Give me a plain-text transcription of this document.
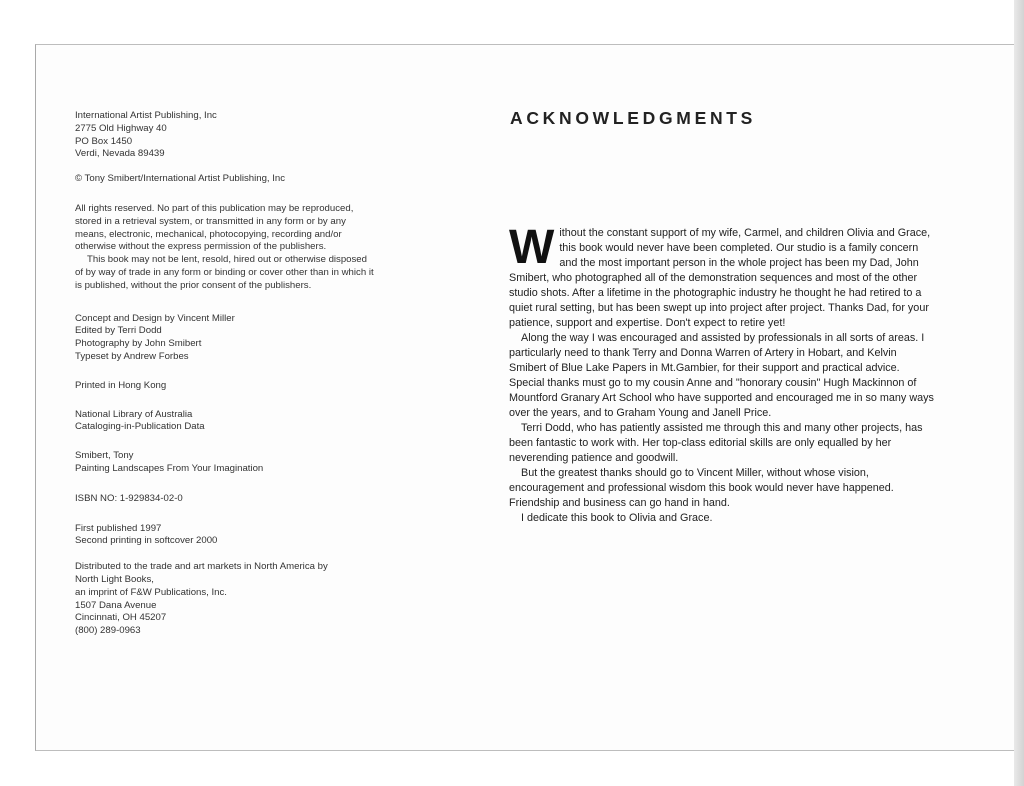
International Artist Publishing, Inc

2775 Old Highway 40

PO Box 1450

Verdi, Nevada 89439

© Tony Smibert/International Artist Publishing, Inc

All rights reserved. No part of this publication may be reproduced, stored in a retrieval system, or transmitted in any form or by any means, electronic, mechanical, photocopying, recording and/or otherwise without the express permission of the publishers.

This book may not be lent, resold, hired out or otherwise disposed of by way of trade in any form or binding or cover other than in which it is published, without the prior consent of the publishers.

Concept and Design by Vincent Miller

Edited by Terri Dodd

Photography by John Smibert

Typeset by Andrew Forbes

Printed in Hong Kong

National Library of Australia

Cataloging-in-Publication Data

Smibert, Tony

Painting Landscapes From Your Imagination

ISBN NO: 1-929834-02-0

First published 1997

Second printing in softcover 2000

Distributed to the trade and art markets in North America by

North Light Books,

an imprint of F&W Publications, Inc.

1507 Dana Avenue

Cincinnati, OH 45207

(800) 289-0963

ACKNOWLEDGMENTS

Without the constant support of my wife, Carmel, and children Olivia and Grace, this book would never have been completed. Our studio is a family concern and the most important person in the whole project has been my Dad, John Smibert, who photographed all of the demonstration sequences and most of the other studio shots. After a lifetime in the photographic industry he thought he had retired to a quiet rural setting, but has been swept up into project after project. Thanks Dad, for your patience, support and expertise. Don't expect to retire yet!

Along the way I was encouraged and assisted by professionals in all sorts of areas. I particularly need to thank Terry and Donna Warren of Artery in Hobart, and Kelvin Smibert of Blue Lake Papers in Mt.Gambier, for their support and practical advice. Special thanks must go to my cousin Anne and "honorary cousin" Hugh Mackinnon of Mountford Granary Art School who have supported and encouraged me in so many ways over the years, and to Graham Young and Janell Price.

Terri Dodd, who has patiently assisted me through this and many other projects, has been fantastic to work with. Her top-class editorial skills are only equalled by her neverending patience and goodwill.

But the greatest thanks should go to Vincent Miller, without whose vision, encouragement and professional wisdom this book would never have happened. Friendship and business can go hand in hand.

I dedicate this book to Olivia and Grace.
